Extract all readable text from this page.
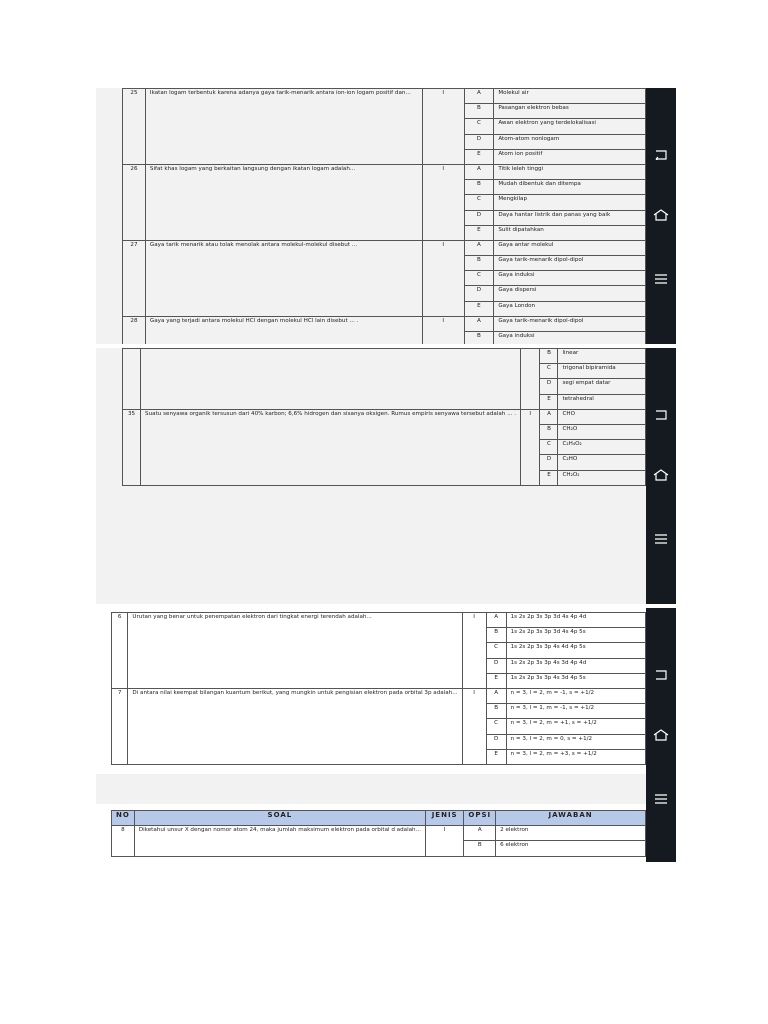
25	Ikatan logam terbentuk karena adanya gaya tarik-menarik antara ion-ion logam positif dan...	I	A	Molekul air
			B	Pasangan elektron bebas
			C	Awan elektron yang terdelokalisasi
			D	Atom-atom nonlogam
			E	Atom ion positif
26	Sifat khas logam yang berkaitan langsung dengan ikatan logam adalah...	I	A	Titik leleh tinggi
			B	Mudah dibentuk dan ditempa
			C	Mengkilap
			D	Daya hantar listrik dan panas yang baik
			E	Sulit dipatahkan
27	Gaya tarik menarik atau tolak menolak antara molekul-molekul disebut ...	I	A	Gaya antar molekul
			B	Gaya tarik-menarik dipol-dipol
			C	Gaya induksi
			D	Gaya dispersi
			E	Gaya London
28	Gaya yang terjadi antara molekul HCl dengan molekul HCl lain disebut ... .	I	A	Gaya tarik-menarik dipol-dipol
			B	Gaya induksi
			B	linear
			C	trigonal bipiramida
			D	segi empat datar
			E	tetrahedral
35	Suatu senyawa organik tersusun dari 40% karbon; 6,6% hidrogen dan sisanya oksigen. Rumus empiris senyawa tersebut adalah ... .	I	A	CHO
			B	CH₂O
			C	C₂H₄O₂
			D	C₂HO
			E	CH₂O₂
6	Urutan yang benar untuk penempatan elektron dari tingkat energi terendah adalah...	I	A	1s 2s 2p 3s 3p 3d 4s 4p 4d
			B	1s 2s 2p 3s 3p 3d 4s 4p 5s
			C	1s 2s 2p 3s 3p 4s 4d 4p 5s
			D	1s 2s 2p 3s 3p 4s 3d 4p 4d
			E	1s 2s 2p 3s 3p 4s 3d 4p 5s
7	Di antara nilai keempat bilangan kuantum berikut, yang mungkin untuk pengisian elektron pada orbital 3p adalah...	I	A	n = 3, l = 2, m = -1, s = +1/2
			B	n = 3, l = 1, m = -1, s = +1/2
			C	n = 3, l = 2, m = +1, s = +1/2
			D	n = 3, l = 2, m = 0, s = +1/2
			E	n = 3, l = 2, m = +3, s = +1/2
NO	SOAL	JENIS	OPSI	JAWABAN
8	Diketahui unsur X dengan nomor atom 24, maka jumlah maksimum elektron pada orbital d adalah...	I	A	2 elektron
			B	6 elektron
